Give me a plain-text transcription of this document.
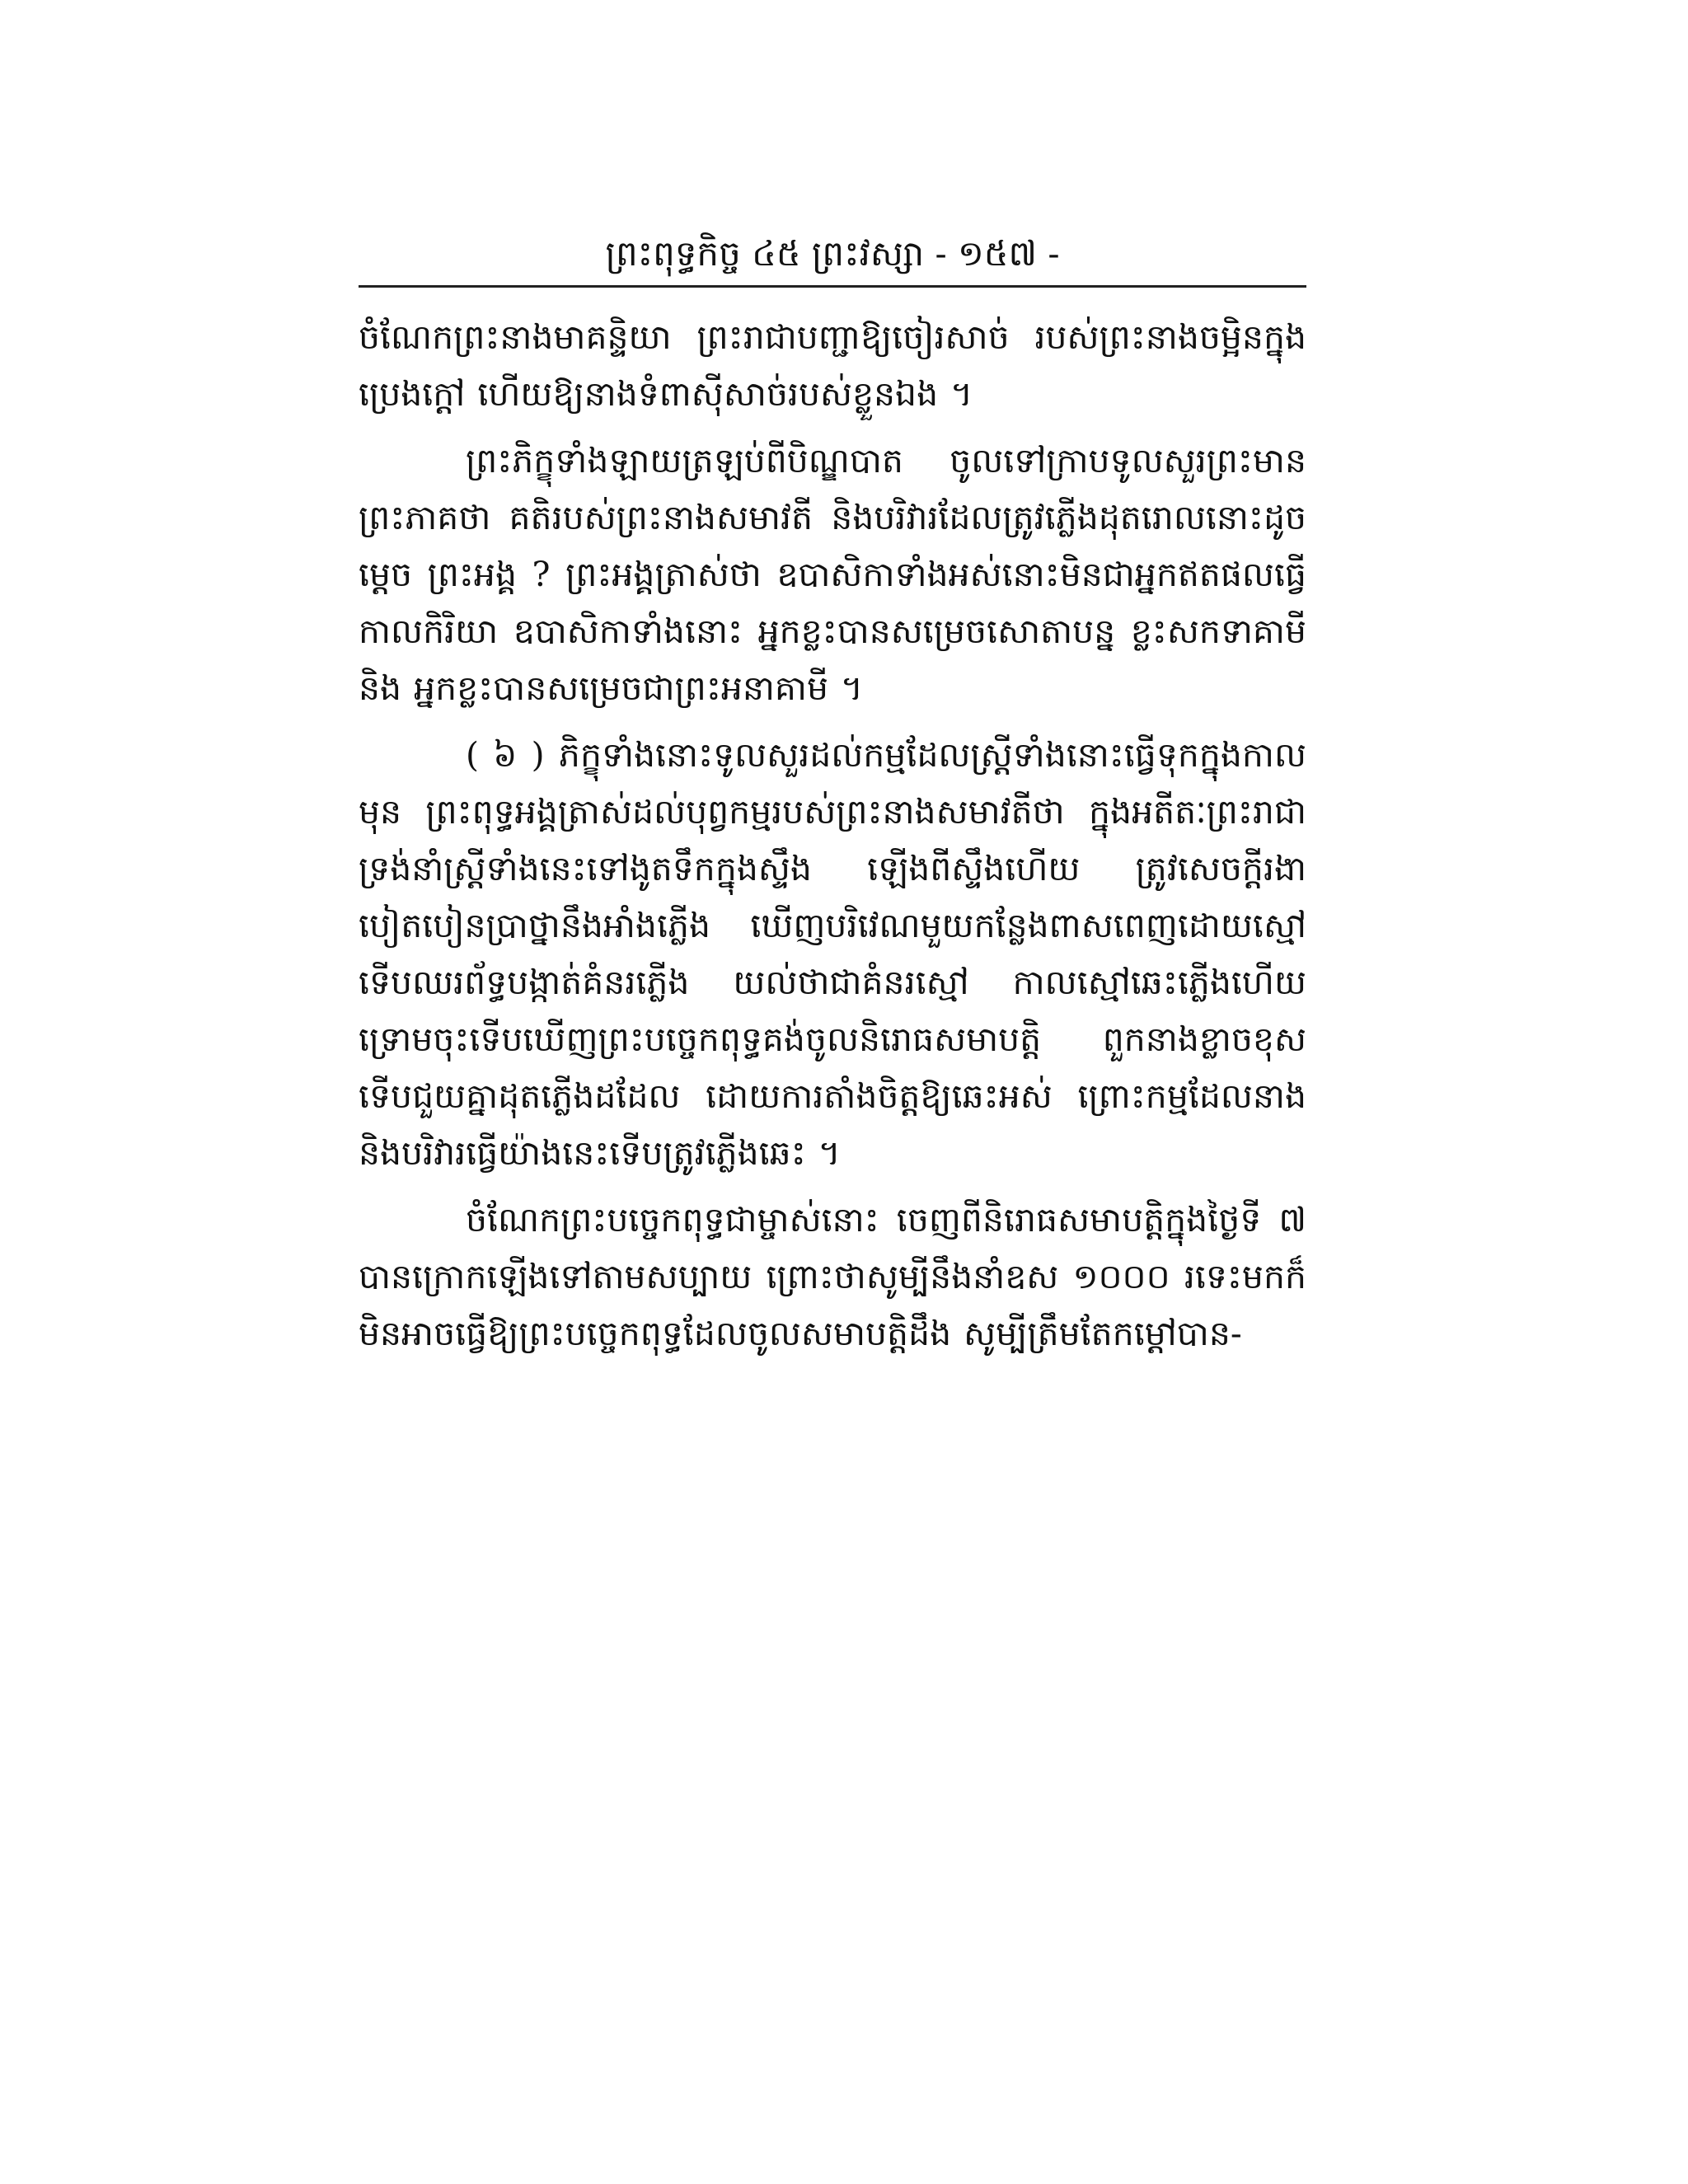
ព្រះពុទ្ធកិច្ច ៤៥ ព្រះវស្សា - ១៥៧ -

ចំណែកព្រះនាងមាគន្ទិយា ព្រះរាជាបញ្ជាឱ្យចៀរសាច់ របស់ព្រះនាងចម្អិនក្នុងប្រេងក្តៅ ហើយឱ្យនាងទំពាស៊ីសាច់របស់ខ្លួនឯង ។

ព្រះភិក្ខុទាំងឡាយត្រឡប់ពីបិណ្ឌបាត ចូលទៅក្រាបទូលសួរព្រះមានព្រះភាគថា គតិរបស់ព្រះនាងសមាវតី និងបរិវារដែលត្រូវភ្លើងដុតរោលនោះដូចម្តេច ព្រះអង្គ ? ព្រះអង្គត្រាស់ថា ឧបាសិកាទាំងអស់នោះមិនជាអ្នកឥតផលធ្វើកាលកិរិយា ឧបាសិកាទាំងនោះ អ្នកខ្លះបានសម្រេចសោតាបន្ន ខ្លះសកទាគាមី និង អ្នកខ្លះបានសម្រេចជាព្រះអនាគាមី ។

( ៦ ) ភិក្ខុទាំងនោះទូលសួរដល់កម្មដែលស្ត្រីទាំងនោះធ្វើទុកក្នុងកាលមុន ព្រះពុទ្ធអង្គត្រាស់ដល់បុព្វកម្មរបស់ព្រះនាងសមាវតីថា ក្នុងអតីតៈព្រះរាជាទ្រង់នាំស្ត្រីទាំងនេះទៅងូតទឹកក្នុងស្ទឹង ឡើងពីស្ទឹងហើយ ត្រូវសេចក្តីរងាបៀតបៀនប្រាថ្នានឹងអាំងភ្លើង ឃើញបរិវេណមួយកន្លែងពាសពេញដោយស្មៅ ទើបឈរព័ទ្ធបង្កាត់គំនរភ្លើង យល់ថាជាគំនរស្មៅ កាលស្មៅឆេះភ្លើងហើយទ្រោមចុះទើបឃើញព្រះបច្ចេកពុទ្ធគង់ចូលនិរោធសមាបត្តិ ពួកនាងខ្លាចខុស ទើបជួយគ្នាដុតភ្លើងដដែល ដោយការតាំងចិត្តឱ្យឆេះអស់ ព្រោះកម្មដែលនាង និងបរិវារធ្វើយ៉ាងនេះទើបត្រូវភ្លើងឆេះ ។

ចំណែកព្រះបច្ចេកពុទ្ធជាម្ចាស់នោះ ចេញពីនិរោធសមាបត្តិក្នុងថ្ងៃទី ៧ បានក្រោកឡើងទៅតាមសប្បាយ ព្រោះថាសូម្បីនឹងនាំឧស ១០០០ រទេះមកក៏មិនអាចធ្វើឱ្យព្រះបច្ចេកពុទ្ធដែលចូលសមាបត្តិដឹង សូម្បីត្រឹមតែកម្តៅបាន-
